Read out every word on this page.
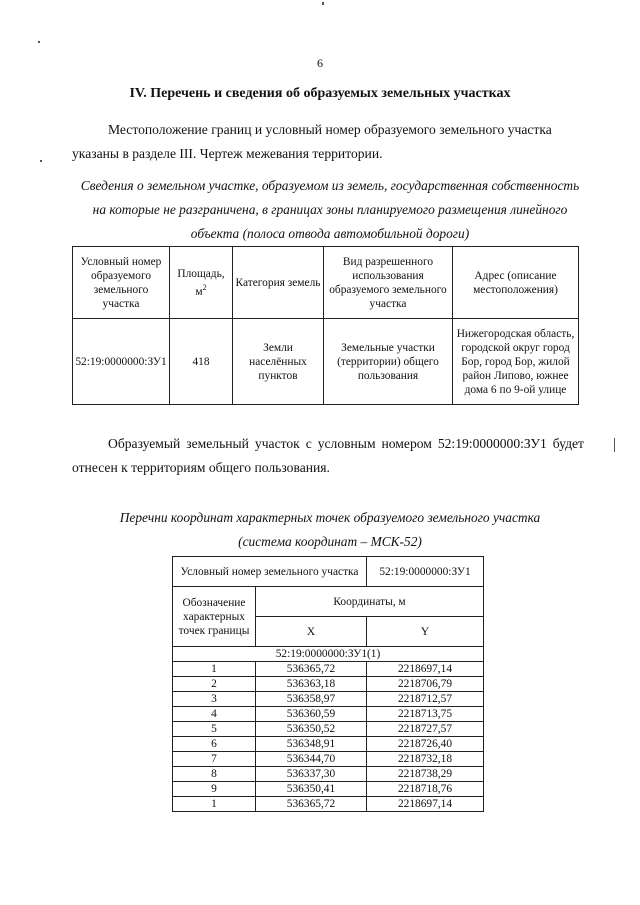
6
IV. Перечень и сведения об образуемых земельных участках

Местоположение границ и условный номер образуемого земельного участка указаны в разделе III. Чертеж межевания территории.

Сведения о земельном участке, образуемом из земель, государственная собственность на которые не разграничена, в границах зоны планируемого размещения линейного объекта (полоса отвода автомобильной дороги)

Условный номер образуемого земельного участка	Площадь, $м^2$	Категория земель	Вид разрешенного использования образуемого земельного участка	Адрес (описание местоположения)
52:19:0000000:ЗУ1	418	Земли населённых пунктов	Земельные участки (территории) общего пользования	Нижегородская область, городской округ город Бор, город Бор, жилой район Липово, южнее дома 6 по 9-ой улице

Образуемый земельный участок с условным номером 52:19:0000000:ЗУ1 будет отнесен к территориям общего пользования.

Перечни координат характерных точек образуемого земельного участка
(система координат – МСК-52)
Условный номер земельного участка		52:19:0000000:ЗУ1
Обозначение характерных точек границы	Координаты, м	
	X	Y
52:19:0000000:ЗУ1(1)		
1	536365,72	2218697,14
2	536363,18	2218706,79
3	536358,97	2218712,57
4	536360,59	2218713,75
5	536350,52	2218727,57
6	536348,91	2218726,40
7	536344,70	2218732,18
8	536337,30	2218738,29
9	536350,41	2218718,76
1	536365,72	2218697,14
